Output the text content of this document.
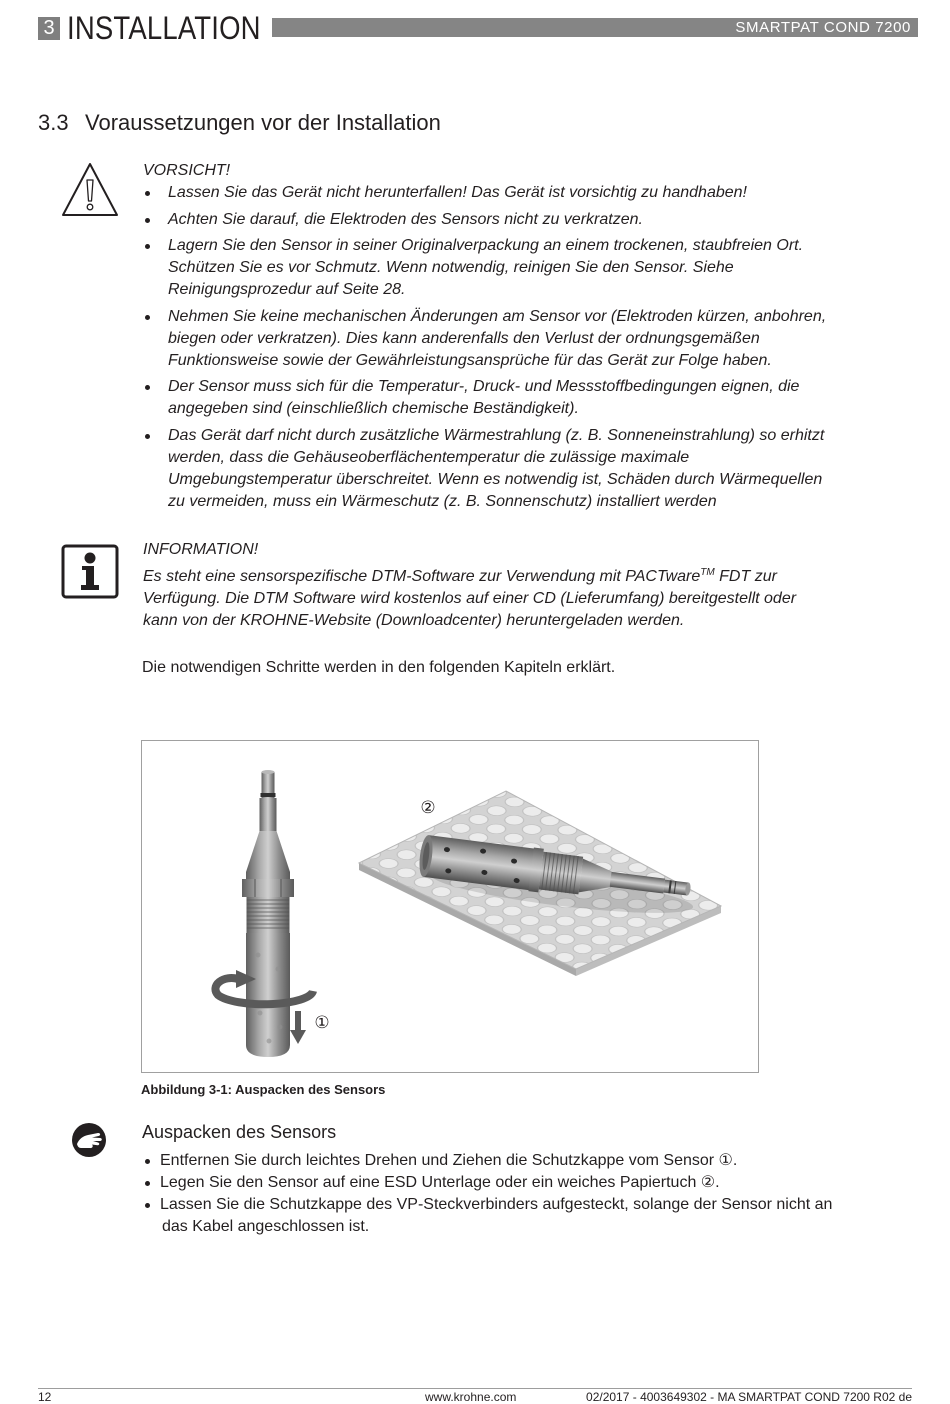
3 INSTALLATION	SMARTPAT COND 7200
3.3 Voraussetzungen vor der Installation
VORSICHT!
Lassen Sie das Gerät nicht herunterfallen! Das Gerät ist vorsichtig zu handhaben!
Achten Sie darauf, die Elektroden des Sensors nicht zu verkratzen.
Lagern Sie den Sensor in seiner Originalverpackung an einem trockenen, staubfreien Ort.
Schützen Sie es vor Schmutz. Wenn notwendig, reinigen Sie den Sensor. Siehe
Reinigungsprozedur auf Seite 28.
Nehmen Sie keine mechanischen Änderungen am Sensor vor (Elektroden kürzen, anbohren,
biegen oder verkratzen). Dies kann anderenfalls den Verlust der ordnungsgemäßen
Funktionsweise sowie der Gewährleistungsansprüche für das Gerät zur Folge haben.
Der Sensor muss sich für die Temperatur-, Druck- und Messstoffbedingungen eignen, die
angegeben sind (einschließlich chemische Beständigkeit).
Das Gerät darf nicht durch zusätzliche Wärmestrahlung (z. B. Sonneneinstrahlung) so erhitzt
werden, dass die Gehäuseoberflächentemperatur die zulässige maximale
Umgebungstemperatur überschreitet. Wenn es notwendig ist, Schäden durch Wärmequellen
zu vermeiden, muss ein Wärmeschutz (z. B. Sonnenschutz) installiert werden
INFORMATION!
Es steht eine sensorspezifische DTM-Software zur Verwendung mit PACTware™ FDT zur
Verfügung. Die DTM Software wird kostenlos auf einer CD (Lieferumfang) bereitgestellt oder
kann von der KROHNE-Website (Downloadcenter) heruntergeladen werden.
Die notwendigen Schritte werden in den folgenden Kapiteln erklärt.
②
①
Abbildung 3-1: Auspacken des Sensors
Auspacken des Sensors
Entfernen Sie durch leichtes Drehen und Ziehen die Schutzkappe vom Sensor ①.
Legen Sie den Sensor auf eine ESD Unterlage oder ein weiches Papiertuch ②.
Lassen Sie die Schutzkappe des VP-Steckverbinders aufgesteckt, solange der Sensor nicht an
das Kabel angeschlossen ist.
12	www.krohne.com	02/2017 - 4003649302 - MA SMARTPAT COND 7200 R02 de
